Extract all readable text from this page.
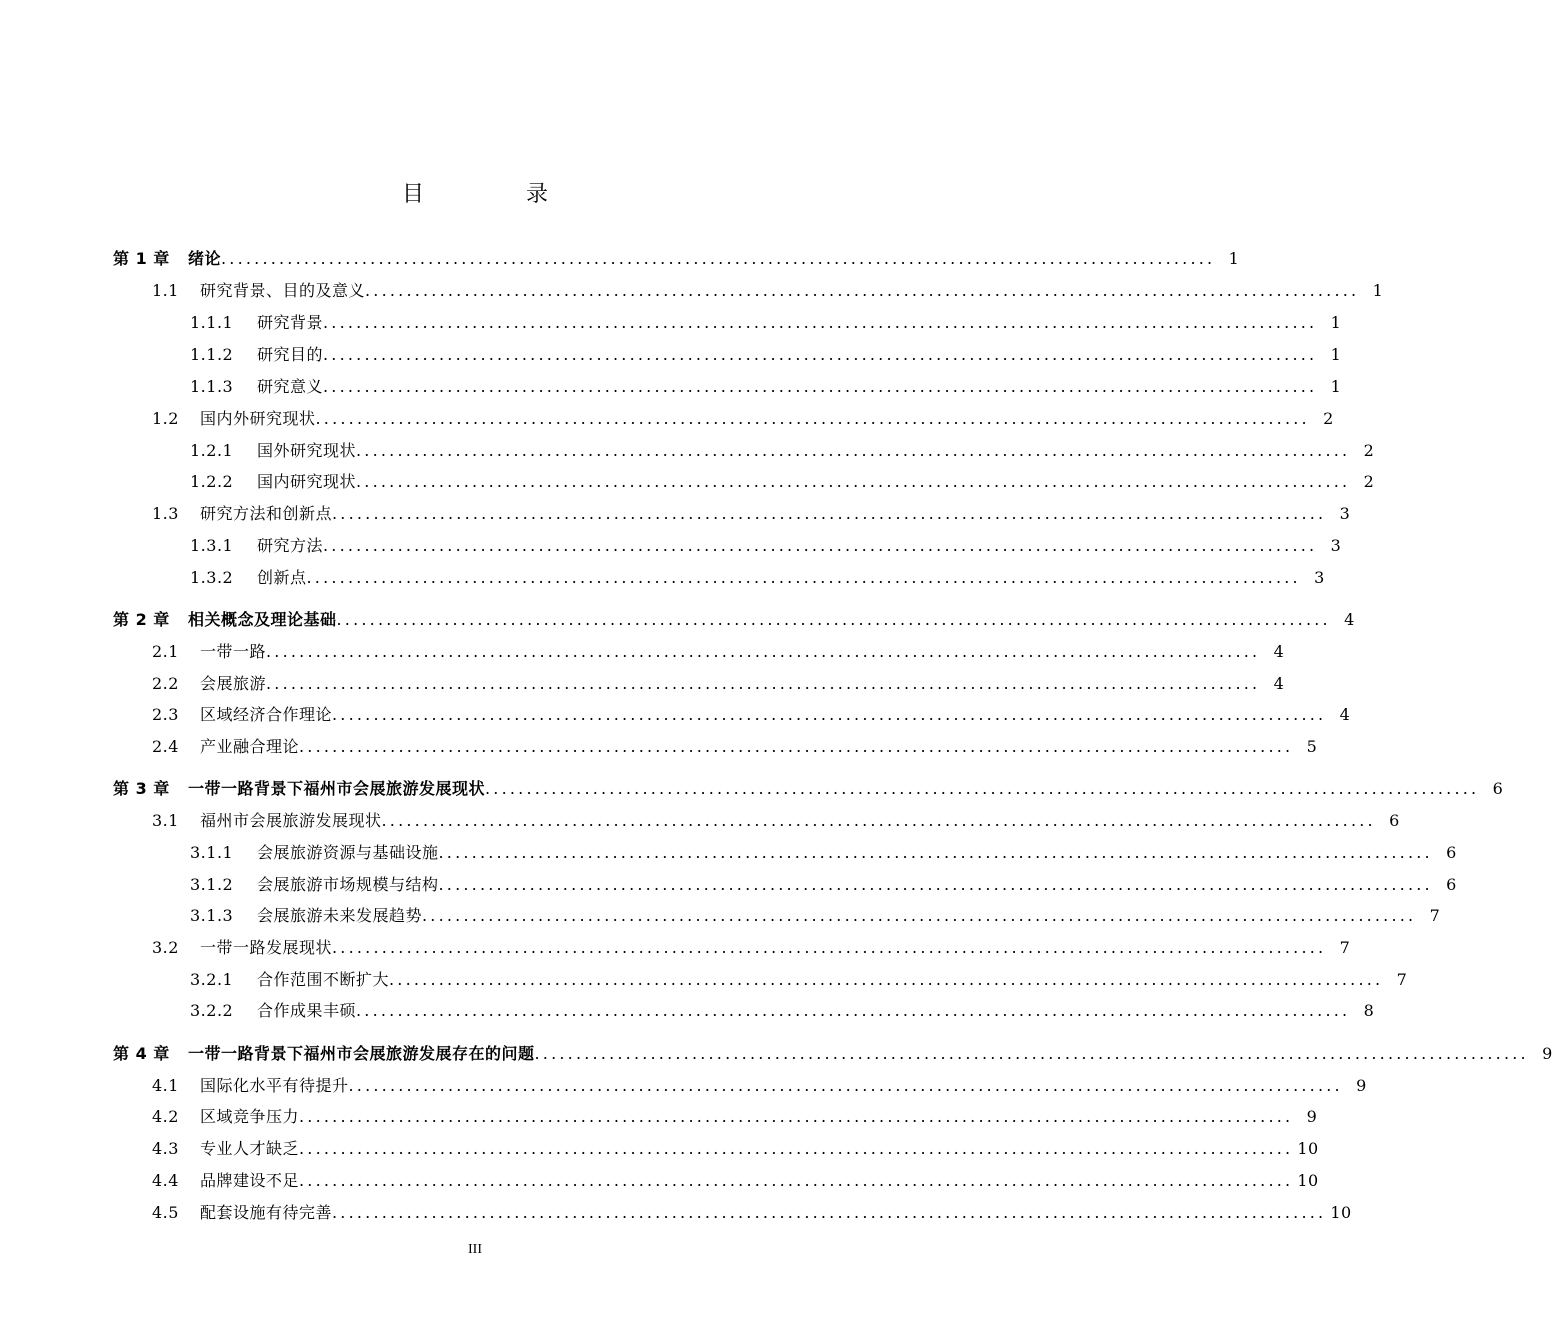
目　录
第 1 章	绪论 ........................................................................................................................ 1
1.1	研究背景、目的及意义 ........................................................................................................................ 1
1.1.1	研究背景 ........................................................................................................................ 1
1.1.2	研究目的 ........................................................................................................................ 1
1.1.3	研究意义 ........................................................................................................................ 1
1.2	国内外研究现状 ........................................................................................................................ 2
1.2.1	国外研究现状 ........................................................................................................................ 2
1.2.2	国内研究现状 ........................................................................................................................ 2
1.3	研究方法和创新点 ........................................................................................................................ 3
1.3.1	研究方法 ........................................................................................................................ 3
1.3.2	创新点 ........................................................................................................................ 3
第 2 章	相关概念及理论基础 ........................................................................................................................ 4
2.1	一带一路 ........................................................................................................................ 4
2.2	会展旅游 ........................................................................................................................ 4
2.3	区域经济合作理论 ........................................................................................................................ 4
2.4	产业融合理论 ........................................................................................................................ 5
第 3 章	一带一路背景下福州市会展旅游发展现状 ........................................................................................................................ 6
3.1	福州市会展旅游发展现状 ........................................................................................................................ 6
3.1.1	会展旅游资源与基础设施 ........................................................................................................................ 6
3.1.2	会展旅游市场规模与结构 ........................................................................................................................ 6
3.1.3	会展旅游未来发展趋势 ........................................................................................................................ 7
3.2	一带一路发展现状 ........................................................................................................................ 7
3.2.1	合作范围不断扩大 ........................................................................................................................ 7
3.2.2	合作成果丰硕 ........................................................................................................................ 8
第 4 章	一带一路背景下福州市会展旅游发展存在的问题 ........................................................................................................................ 9
4.1	国际化水平有待提升 ........................................................................................................................ 9
4.2	区域竞争压力 ........................................................................................................................ 9
4.3	专业人才缺乏 ........................................................................................................................ 10
4.4	品牌建设不足 ........................................................................................................................ 10
4.5	配套设施有待完善 ........................................................................................................................ 10
III
